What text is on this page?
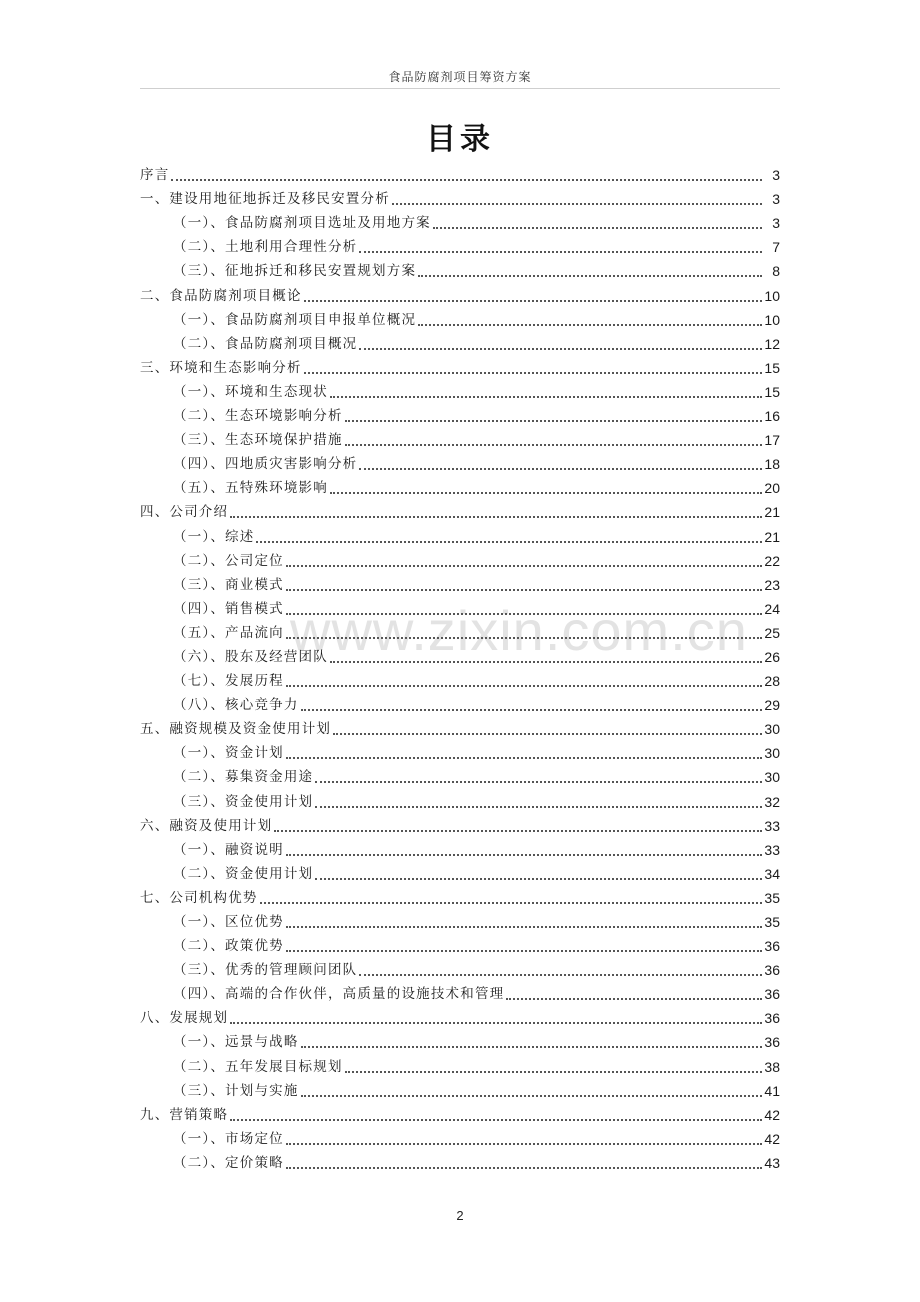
食品防腐剂项目筹资方案
目录
www.zixin.com.cn
序言	3
一、建设用地征地拆迁及移民安置分析	3
（一）、食品防腐剂项目选址及用地方案	3
（二）、土地利用合理性分析	7
（三）、征地拆迁和移民安置规划方案	8
二、食品防腐剂项目概论	10
（一）、食品防腐剂项目申报单位概况	10
（二）、食品防腐剂项目概况	12
三、环境和生态影响分析	15
（一）、环境和生态现状	15
（二）、生态环境影响分析	16
（三）、生态环境保护措施	17
（四）、四地质灾害影响分析	18
（五）、五特殊环境影响	20
四、公司介绍	21
（一）、综述	21
（二）、公司定位	22
（三）、商业模式	23
（四）、销售模式	24
（五）、产品流向	25
（六）、股东及经营团队	26
（七）、发展历程	28
（八）、核心竞争力	29
五、融资规模及资金使用计划	30
（一）、资金计划	30
（二）、募集资金用途	30
（三）、资金使用计划	32
六、融资及使用计划	33
（一）、融资说明	33
（二）、资金使用计划	34
七、公司机构优势	35
（一）、区位优势	35
（二）、政策优势	36
（三）、优秀的管理顾问团队	36
（四）、高端的合作伙伴，高质量的设施技术和管理	36
八、发展规划	36
（一）、远景与战略	36
（二）、五年发展目标规划	38
（三）、计划与实施	41
九、营销策略	42
（一）、市场定位	42
（二）、定价策略	43
2
